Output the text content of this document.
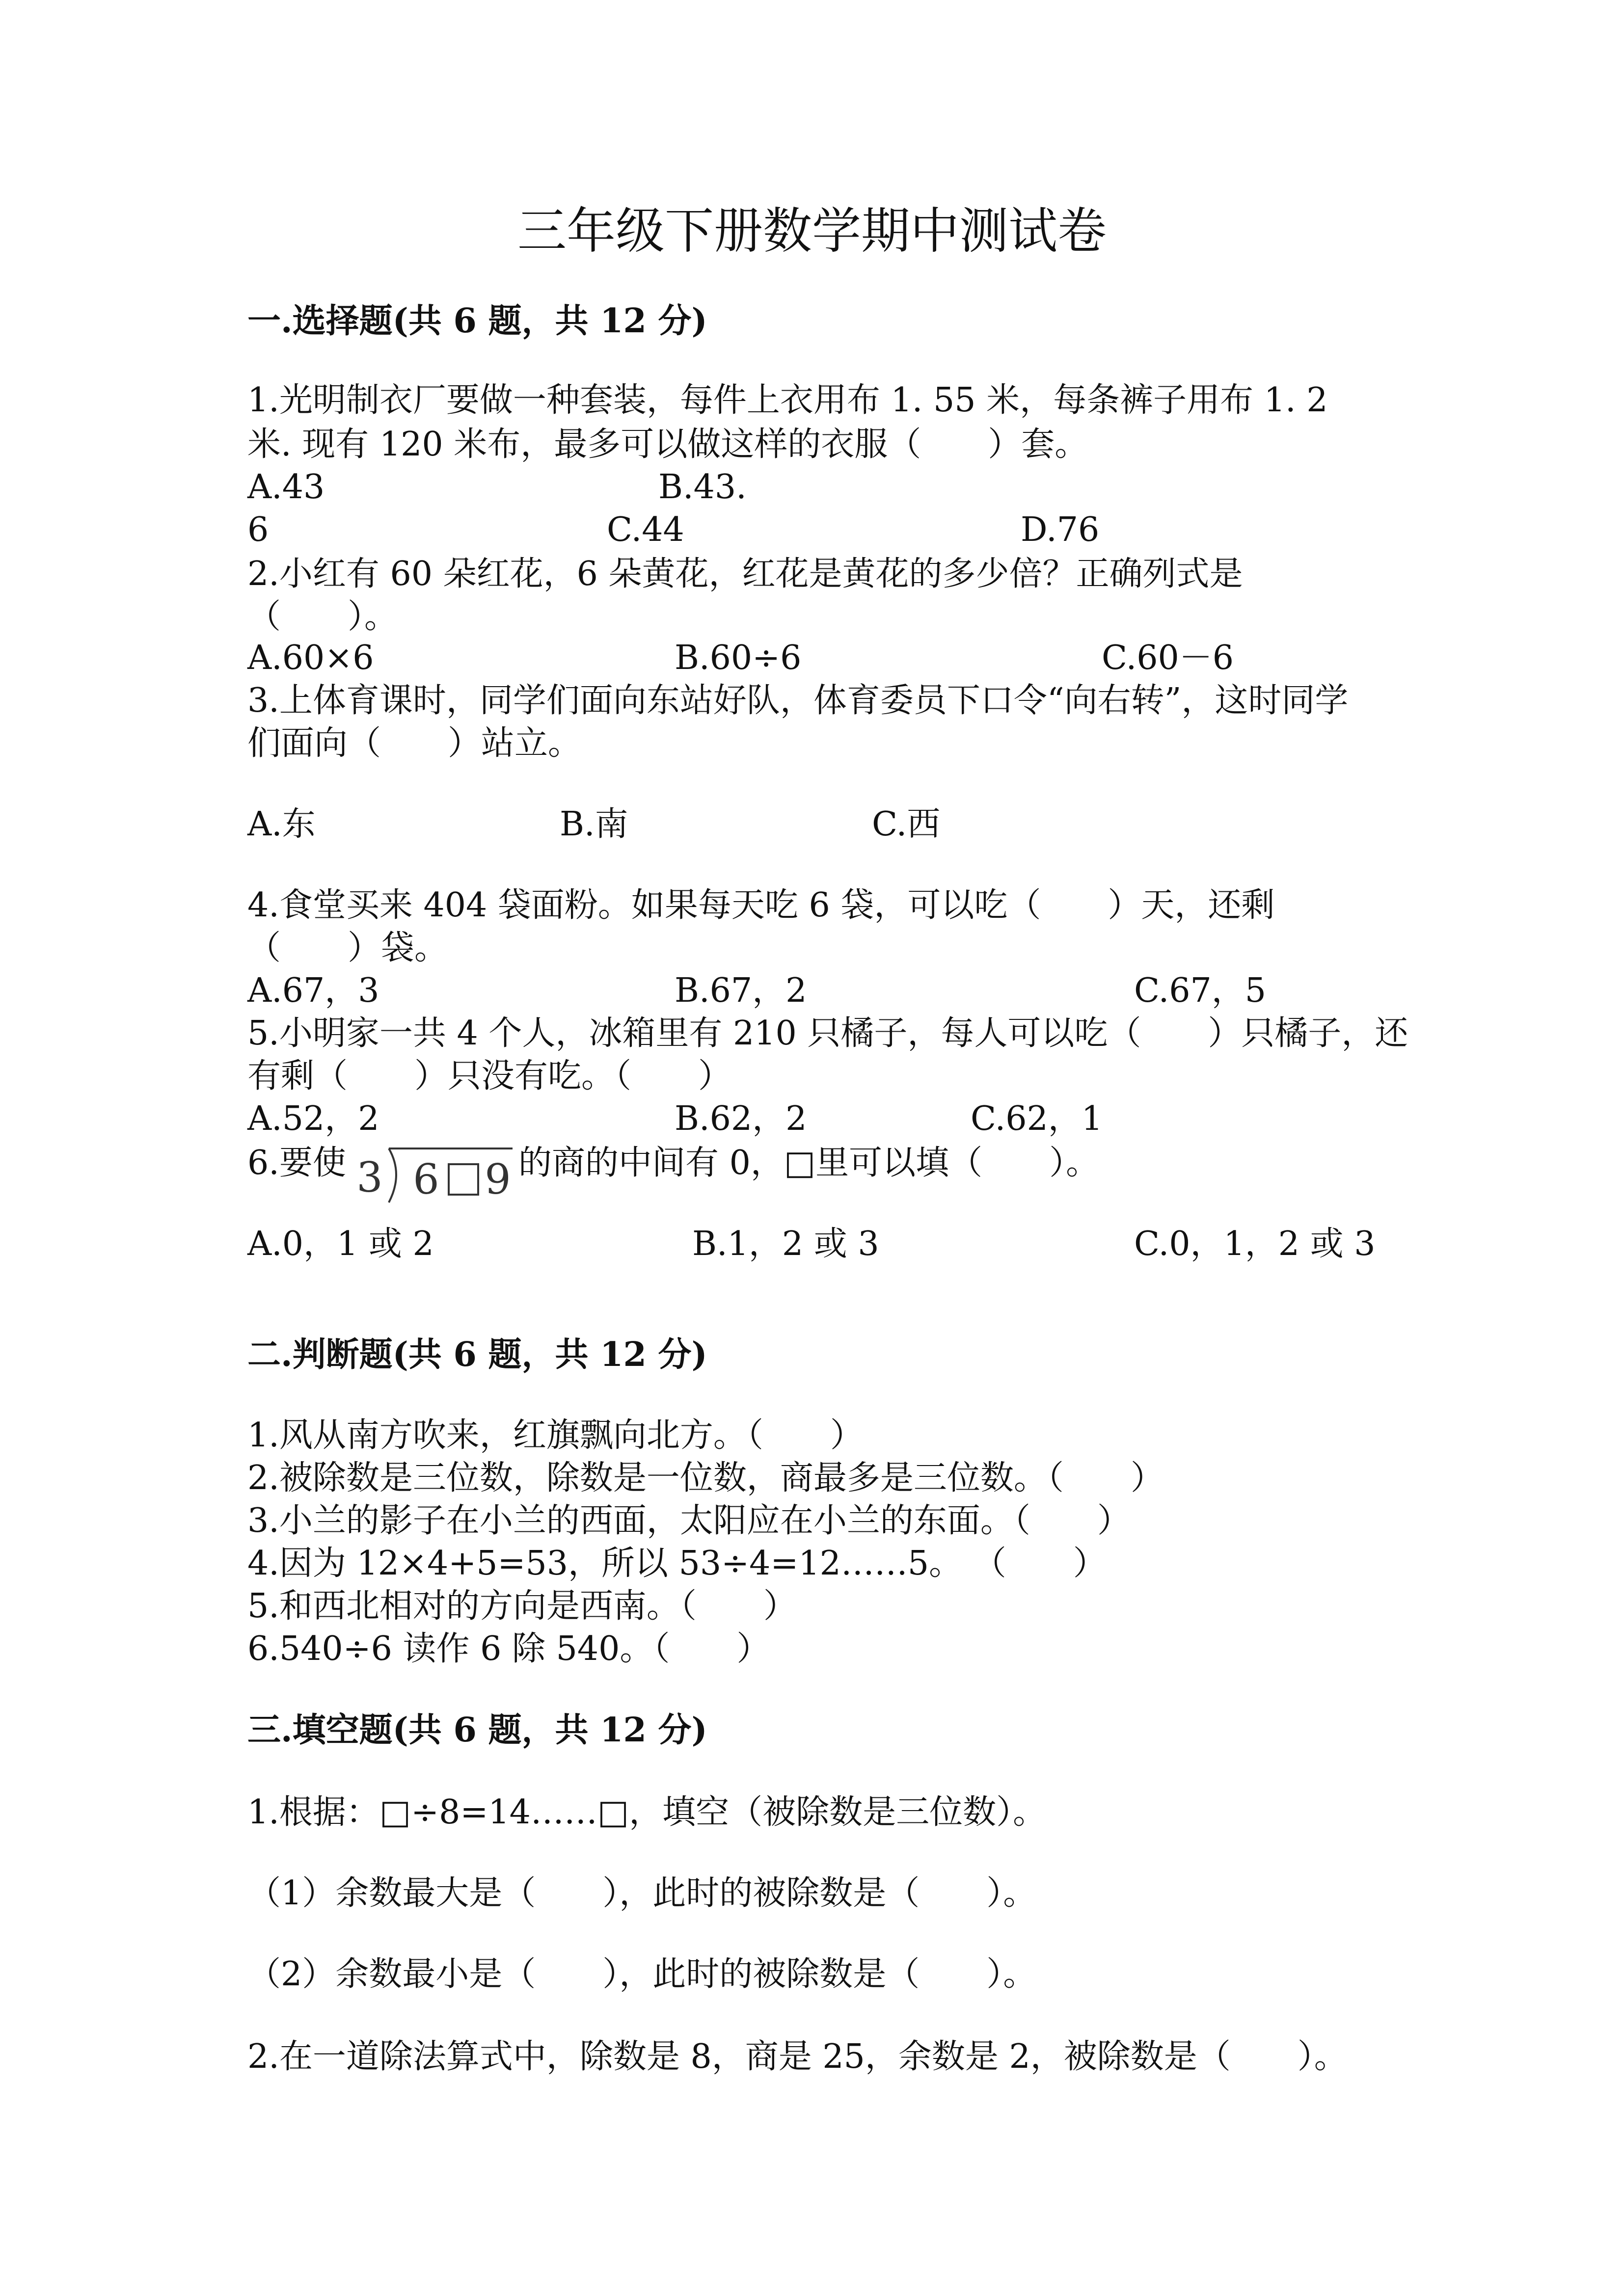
三年级下册数学期中测试卷
一.选择题(共 6 题，共 12 分)
1.光明制衣厂要做一种套装，每件上衣用布 1. 55 米，每条裤子用布 1. 2
米. 现有 120 米布，最多可以做这样的衣服（　　）套。
A.43	B.43.
6	C.44	D.76
2.小红有 60 朵红花，6 朵黄花，红花是黄花的多少倍？正确列式是
（　　）。
A.60×6	B.60÷6	C.60－6
3.上体育课时，同学们面向东站好队，体育委员下口令“向右转”，这时同学
们面向（　　）站立。
A.东	B.南	C.西
4.食堂买来 404 袋面粉。如果每天吃 6 袋，可以吃（　　）天，还剩
（　　）袋。
A.67，3	B.67，2	C.67，5
5.小明家一共 4 个人，冰箱里有 210 只橘子，每人可以吃（　　）只橘子，还
有剩（　　）只没有吃。（　　）
A.52，2	B.62，2	C.62，1
6.要使 3 6 9 的商的中间有 0，□里可以填（　　）。
A.0，1 或 2	B.1，2 或 3	C.0，1，2 或 3
二.判断题(共 6 题，共 12 分)
1.风从南方吹来，红旗飘向北方。（　　）
2.被除数是三位数，除数是一位数，商最多是三位数。（　　）
3.小兰的影子在小兰的西面，太阳应在小兰的东面。（　　）
4.因为 12×4+5=53，所以 53÷4=12……5。 （　　）
5.和西北相对的方向是西南。（　　）
6.540÷6 读作 6 除 540。（　　）
三.填空题(共 6 题，共 12 分)
1.根据：□÷8=14……□，填空（被除数是三位数）。
（1）余数最大是（　　），此时的被除数是（　　）。
（2）余数最小是（　　），此时的被除数是（　　）。
2.在一道除法算式中，除数是 8，商是 25，余数是 2，被除数是（　　）。
